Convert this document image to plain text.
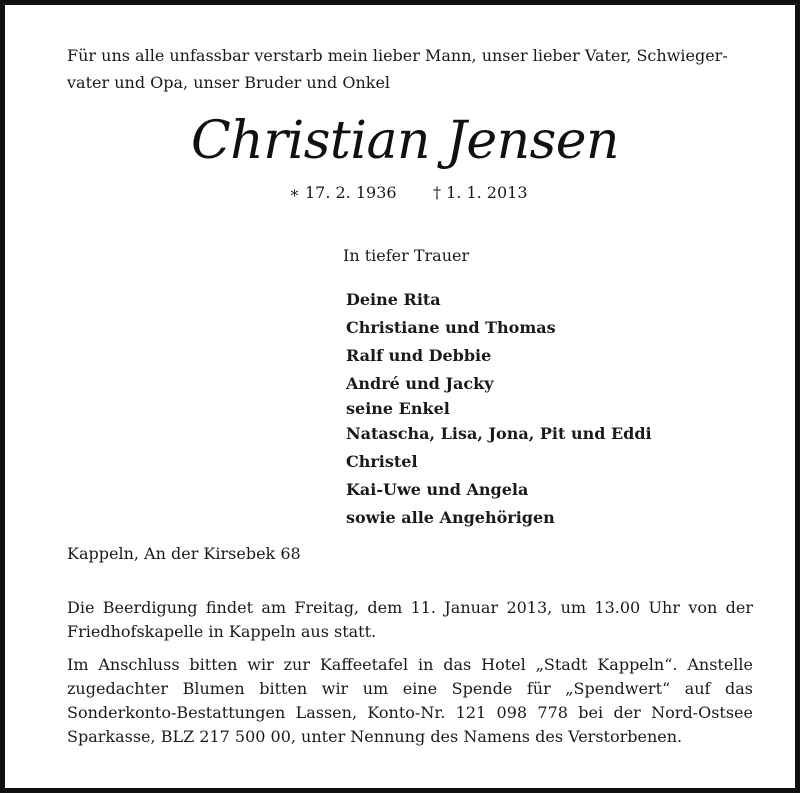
Für uns alle unfassbar verstarb mein lieber Mann, unser lieber Vater, Schwieger-
vater und Opa, unser Bruder und Onkel
Christian Jensen
∗ 17. 2. 1936 † 1. 1. 2013
In tiefer Trauer
Deine Rita
Christiane und Thomas
Ralf und Debbie
André und Jacky
seine Enkel
Natascha, Lisa, Jona, Pit und Eddi
Christel
Kai-Uwe und Angela
sowie alle Angehörigen
Kappeln, An der Kirsebek 68

Die Beerdigung findet am Freitag, dem 11. Januar 2013, um 13.00 Uhr von der Friedhofskapelle in Kappeln aus statt.

Im Anschluss bitten wir zur Kaffeetafel in das Hotel „Stadt Kappeln“. Anstelle zugedachter Blumen bitten wir um eine Spende für „Spendwert“ auf das Sonderkonto-Bestattungen Lassen, Konto-Nr. 121 098 778 bei der Nord-Ostsee Sparkasse, BLZ 217 500 00, unter Nennung des Namens des Verstorbenen.
